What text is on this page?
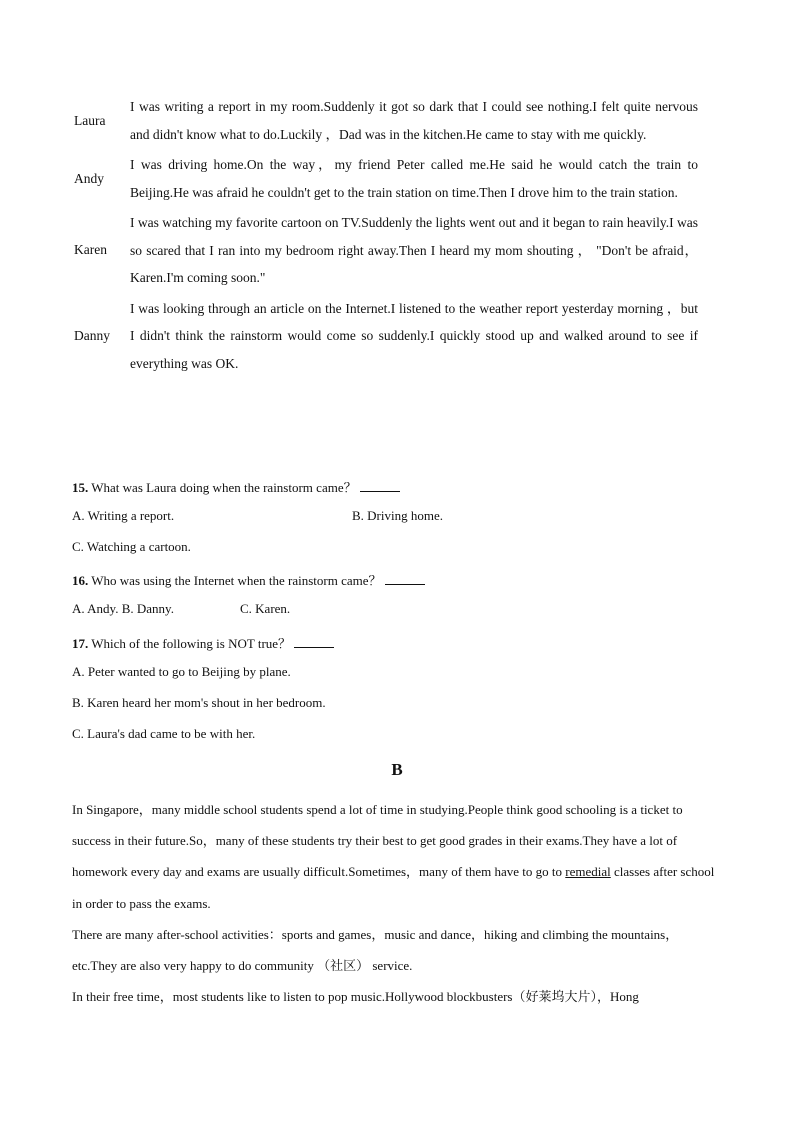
Laura
I was writing a report in my room.Suddenly it got so dark that I could see nothing.I felt quite nervous and didn't know what to do.Luckily ，Dad was in the kitchen.He came to stay with me quickly.
Andy
I was driving home.On the way，my friend Peter called me.He said he would catch the train to Beijing.He was afraid he couldn't get to the train station on time.Then I drove him to the train station.
Karen
I was watching my favorite cartoon on TV.Suddenly the lights went out and it began to rain heavily.I was so scared that I ran into my bedroom right away.Then I heard my mom shouting ， "Don't be afraid，Karen.I'm coming soon."
Danny
I was looking through an article on the Internet.I listened to the weather report yesterday morning ，but I didn't think the rainstorm would come so suddenly.I quickly stood up and walked around to see if everything was OK.
15. What was Laura doing when the rainstorm came？
A. Writing a report.	B. Driving home.
C. Watching a cartoon.
16. Who was using the Internet when the rainstorm came？
A. Andy. B. Danny.	C. Karen.
17. Which of the following is NOT true？
A. Peter wanted to go to Beijing by plane.
B. Karen heard her mom's shout in her bedroom.
C. Laura's dad came to be with her.
B

In Singapore，many middle school students spend a lot of time in studying.People think good schooling is a ticket to success in their future.So，many of these students try their best to get good grades in their exams.They have a lot of homework every day and exams are usually difficult.Sometimes，many of them have to go to remedial classes after school in order to pass the exams.

There are many after-school activities：sports and games，music and dance，hiking and climbing the mountains，etc.They are also very happy to do community （社区） service.

In their free time，most students like to listen to pop music.Hollywood blockbusters（好莱坞大片），Hong
